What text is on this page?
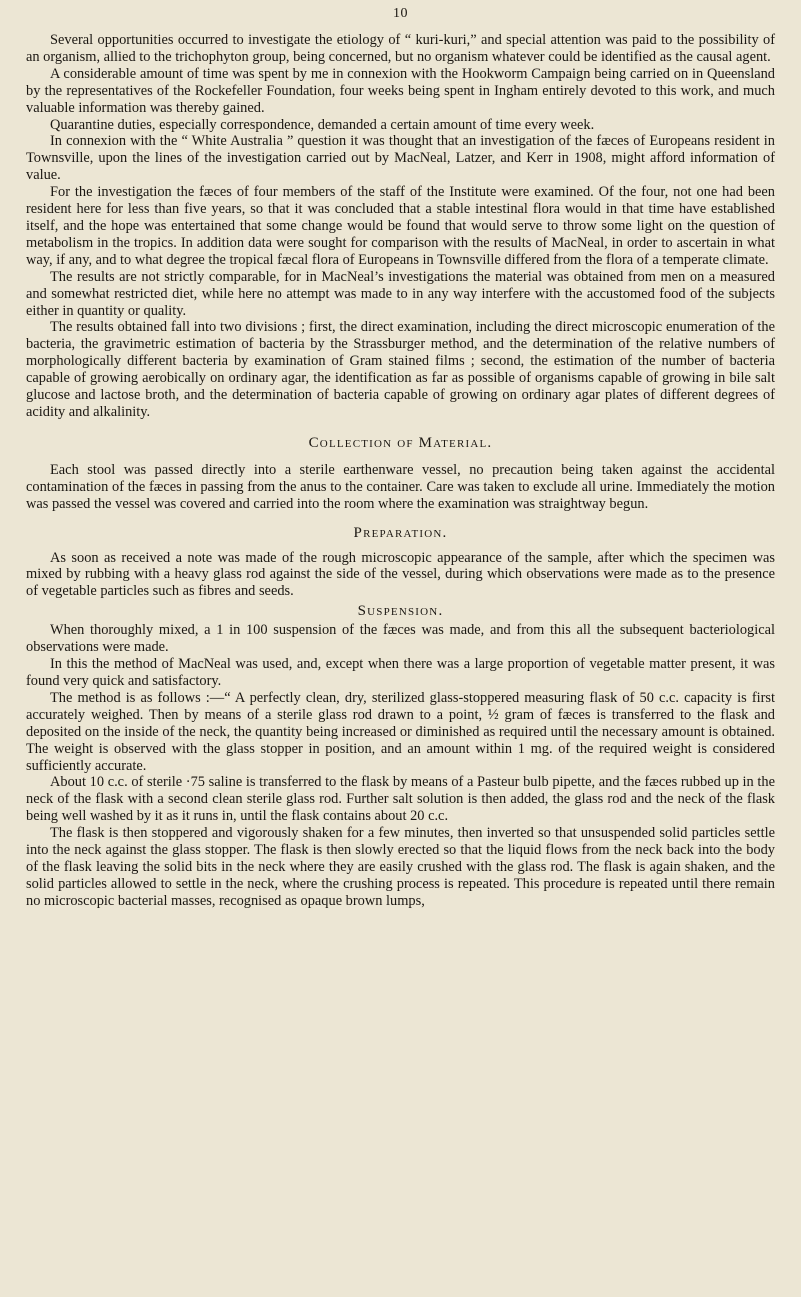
10

Several opportunities occurred to investigate the etiology of “ kuri-kuri,” and special attention was paid to the possibility of an organism, allied to the trichophyton group, being concerned, but no organism whatever could be identified as the causal agent.

A considerable amount of time was spent by me in connexion with the Hookworm Campaign being carried on in Queensland by the representatives of the Rockefeller Foundation, four weeks being spent in Ingham entirely devoted to this work, and much valuable information was thereby gained.

Quarantine duties, especially correspondence, demanded a certain amount of time every week.

In connexion with the “ White Australia ” question it was thought that an investigation of the fæces of Europeans resident in Townsville, upon the lines of the investigation carried out by MacNeal, Latzer, and Kerr in 1908, might afford information of value.

For the investigation the fæces of four members of the staff of the Institute were examined. Of the four, not one had been resident here for less than five years, so that it was concluded that a stable intestinal flora would in that time have established itself, and the hope was entertained that some change would be found that would serve to throw some light on the question of metabolism in the tropics. In addition data were sought for comparison with the results of MacNeal, in order to ascertain in what way, if any, and to what degree the tropical fæcal flora of Europeans in Townsville differed from the flora of a temperate climate.

The results are not strictly comparable, for in MacNeal’s investigations the material was obtained from men on a measured and somewhat restricted diet, while here no attempt was made to in any way interfere with the accustomed food of the subjects either in quantity or quality.

The results obtained fall into two divisions ; first, the direct examination, including the direct microscopic enumeration of the bacteria, the gravimetric estimation of bacteria by the Strassburger method, and the determination of the relative numbers of morphologically different bacteria by examination of Gram stained films ; second, the estimation of the number of bacteria capable of growing aerobically on ordinary agar, the identification as far as possible of organisms capable of growing in bile salt glucose and lactose broth, and the determination of bacteria capable of growing on ordinary agar plates of different degrees of acidity and alkalinity.

Collection of Material.

Each stool was passed directly into a sterile earthenware vessel, no precaution being taken against the accidental contamination of the fæces in passing from the anus to the container. Care was taken to exclude all urine. Immediately the motion was passed the vessel was covered and carried into the room where the examination was straightway begun.

Preparation.

As soon as received a note was made of the rough microscopic appearance of the sample, after which the specimen was mixed by rubbing with a heavy glass rod against the side of the vessel, during which observations were made as to the presence of vegetable particles such as fibres and seeds.

Suspension.

When thoroughly mixed, a 1 in 100 suspension of the fæces was made, and from this all the subsequent bacteriological observations were made.

In this the method of MacNeal was used, and, except when there was a large proportion of vegetable matter present, it was found very quick and satisfactory.

The method is as follows :—“ A perfectly clean, dry, sterilized glass-stoppered measuring flask of 50 c.c. capacity is first accurately weighed. Then by means of a sterile glass rod drawn to a point, ½ gram of fæces is transferred to the flask and deposited on the inside of the neck, the quantity being increased or diminished as required until the necessary amount is obtained. The weight is observed with the glass stopper in position, and an amount within 1 mg. of the required weight is considered sufficiently accurate.

About 10 c.c. of sterile ·75 saline is transferred to the flask by means of a Pasteur bulb pipette, and the fæces rubbed up in the neck of the flask with a second clean sterile glass rod. Further salt solution is then added, the glass rod and the neck of the flask being well washed by it as it runs in, until the flask contains about 20 c.c.

The flask is then stoppered and vigorously shaken for a few minutes, then inverted so that unsuspended solid particles settle into the neck against the glass stopper. The flask is then slowly erected so that the liquid flows from the neck back into the body of the flask leaving the solid bits in the neck where they are easily crushed with the glass rod. The flask is again shaken, and the solid particles allowed to settle in the neck, where the crushing process is repeated. This procedure is repeated until there remain no microscopic bacterial masses, recognised as opaque brown lumps,
